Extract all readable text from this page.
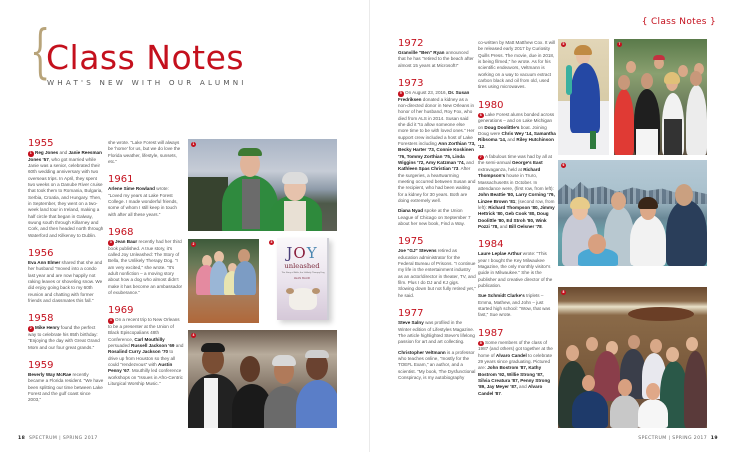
{
Class Notes
WHAT'S NEW WITH OUR ALUMNI
1955

1 Reg Jones and Janie Reesman Jones '57, who got married while Janie was a senior, celebrated their 60th wedding anniversary with two overseas trips. In April, they spent two weeks on a Danube River cruise that took them to Romania, Bulgaria, Serbia, Croatia, and Hungary. Then, in September, they went on a two-week land tour in Ireland, making a half circle that began in Galway, swung south through Killarney and Cork, and then headed north through Waterford and Kilkenny to Dublin.

1956

Eva Ann Elmer shared that she and her husband "moved into a condo last year and are now happily not raking leaves or shoveling snow. We did enjoy going back to my 60th reunion and chatting with former friends and classmates this fall."

1958

2 Mike Henry found the perfect way to celebrate his 85th birthday: "Enjoying the day with Great Grand Mom and our four great grands."

1959

Beverly Way McRae recently became a Florida resident. "We have been splitting our time between Lake Forest and the gulf coast since 2003,"

she wrote. "Lake Forest will always be 'home' for us, but we do love the Florida weather, lifestyle, sunsets, etc."

1961

Arlene Sime Rowland wrote: "Loved my years at Lake Forest College. I made wonderful friends, some of whom I still keep in touch with after all these years."

1968

3 Jean Baur recently had her third book published. A true story, it's called Joy Unleashed: The Story of Bella, the Unlikely Therapy Dog. "I am very excited," she wrote. "It's adult nonfiction – a moving story about how a dog who almost didn't make it has become an ambassador of exuberance."

1969

4 On a recent trip to New Orleans to be a presenter at the Union of Black Episcopalians 48th Conference, Carl Mouthilly persuaded Russell Jackson '69 and Rosalind Curry Jackson '70 to drive up from Houston so they all could "rendezvous" with Austin Penny '67. Mouthilly led conference workshops on "Issues in Afro-Centric Liturgical Worship Music."

1
2	3
JOY
unleashed
The Story of Bella, the Unlikely Therapy Dog
JEAN BAUR
4
18 SPECTRUM | SPRING 2017
{ Class Notes }
1972

Granville "Ben" Ryan announced that he has "retired to the beach after almost 15 years at Microsoft!"

1973

5 On August 23, 2016, Dr. Susan Fredriksen donated a kidney as a non-directed donor in New Orleans in honor of her husband, Roy Fox, who died from ALS in 2014. Susan said she did it "to allow someone else more time to be with loved ones." Her support crew included a host of Lake Foresters including Ann Zorthian '73, Becky Harter '73, Connie Koskinen '76, Tommy Zorthian '75, Linda Wiggins '72, Amy Katzman '74, and Kathleen Spas Christian '73. After the surgeries, a heartwarming meeting occurred between Susan and the recipient, who had been waiting for a kidney for 30 years. Both are doing extremely well.

Diana Nyad spoke at the Union League of Chicago on September 7 about her new book, Find a Way.

1975

Joe "GJ" Stevens retired as education administrator for the Federal Bureau of Prisons. "I continue my life in the entertainment industry as an actor/director in theater, TV, and film. Plus I do DJ and KJ gigs. Slowing down but not fully retired yet," he said.

1977

Steve Salny was profiled in the Winter edition of Lifestyles Magazine. The article highlighted Steve's lifelong passion for art and art collecting.

Christopher Veltmann is a professor who teaches online, "mostly for the TOEFL Exam," an author, and a scientist. "My book, The Dysfunctional Conspiracy, is my autobiography

co-written by Matt Matthew Cox. It will be released early 2017 by Curiosity Quills Press. The movie, due in 2018, is being filmed," he wrote. As for his scientific endeavors, Veltmann is working on a way to vacuum extract carbon black and oil from old, used tires using microwaves.

1980

6 Lake Forest alums bonded across generations – and on Lake Michigan on Doug Doolittle's boat. Joining Doug were Chris Wey '14, Samantha Ribsoma '14, and Riley Hutchinson '12.

7 A fabulous time was had by all at the semi-annual George's East extravaganza, held at Richard Thompson's house in Truro, Massachusetts in October. In attendance were, (first row, from left): John Beattie '80, Larry Corning '79, Linzee Brown '81; (second row, from left): Richard Thompson '80, Jimmy Hettrick '80, Geb Cook '80, Doug Doolittle '80, Ed Stroh '80, Wink Pozzi '78, and Bill Oelsner '78.

1984

Laure Leplae Arthur wrote: "This year I bought the Key Milwaukee Magazine, the only monthly visitor's guide in Milwaukee." She is the publisher and creative director of the publication.

Sue Schmidt Clarke's triplets – Emma, Mathew, and John – just started high school: "Wow, that was fast," Sue wrote.

1987

8 Some members of the class of 1987 (and others) got together at the home of Alvaro Candel to celebrate 29 years since graduating. Pictured are: John Bostrom '87, Kathy Bostrom '92, Willie Strong '87, Silvia Creatura '87, Penny Strong '89, Jay Meyer '87, and Alvaro Candel '87.

5	7
6
8
SPECTRUM | SPRING 2017 19
